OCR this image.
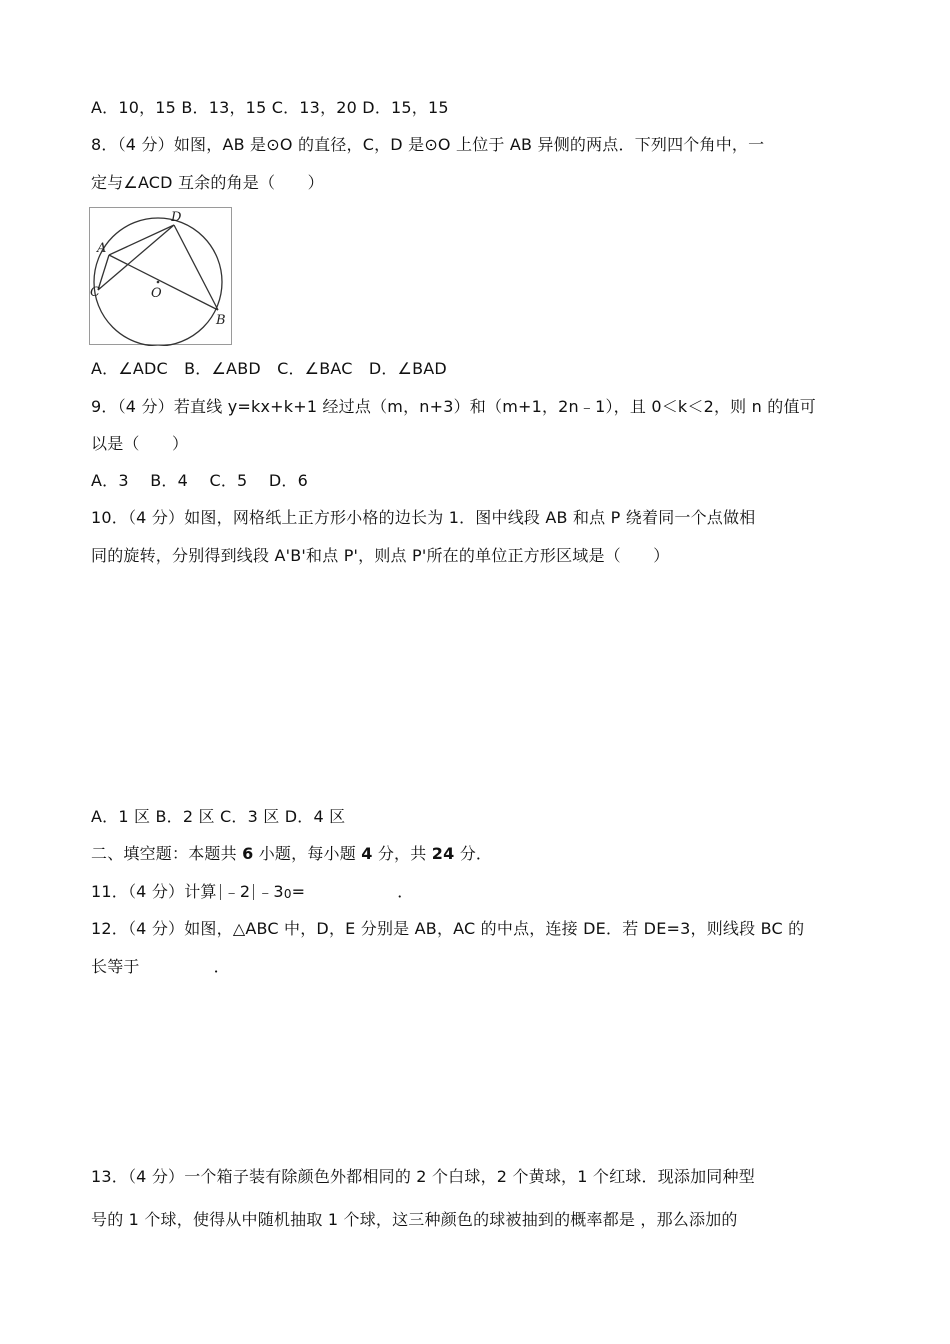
A．10，15 B．13，15 C．13，20 D．15，15
8．（4 分）如图，AB 是⊙O 的直径，C，D 是⊙O 上位于 AB 异侧的两点．下列四个角中，一
定与∠ACD 互余的角是（　　）
D
A
C	O
B
A．∠ADC　B．∠ABD　C．∠BAC　D．∠BAD
9．（4 分）若直线 y=kx+k+1 经过点（m，n+3）和（m+1，2n﹣1），且 0＜k＜2，则 n 的值可
以是（　　）
A．3　 B．4　 C．5　 D．6
10．（4 分）如图，网格纸上正方形小格的边长为 1．图中线段 AB 和点 P 绕着同一个点做相
同的旋转，分别得到线段 A'B'和点 P'，则点 P'所在的单位正方形区域是（　　）
A．1 区 B．2 区 C．3 区 D．4 区
二、填空题：本题共 6 小题，每小题 4 分，共 24 分．
11．（4 分）计算 ﹣2 ﹣30=	．
12．（4 分）如图，△ABC 中，D，E 分别是 AB，AC 的中点，连接 DE．若 DE=3，则线段 BC 的
长等于	．
13．（4 分）一个箱子装有除颜色外都相同的 2 个白球，2 个黄球，1 个红球．现添加同种型
号的 1 个球，使得从中随机抽取 1 个球，这三种颜色的球被抽到的概率都是 ，那么添加的
